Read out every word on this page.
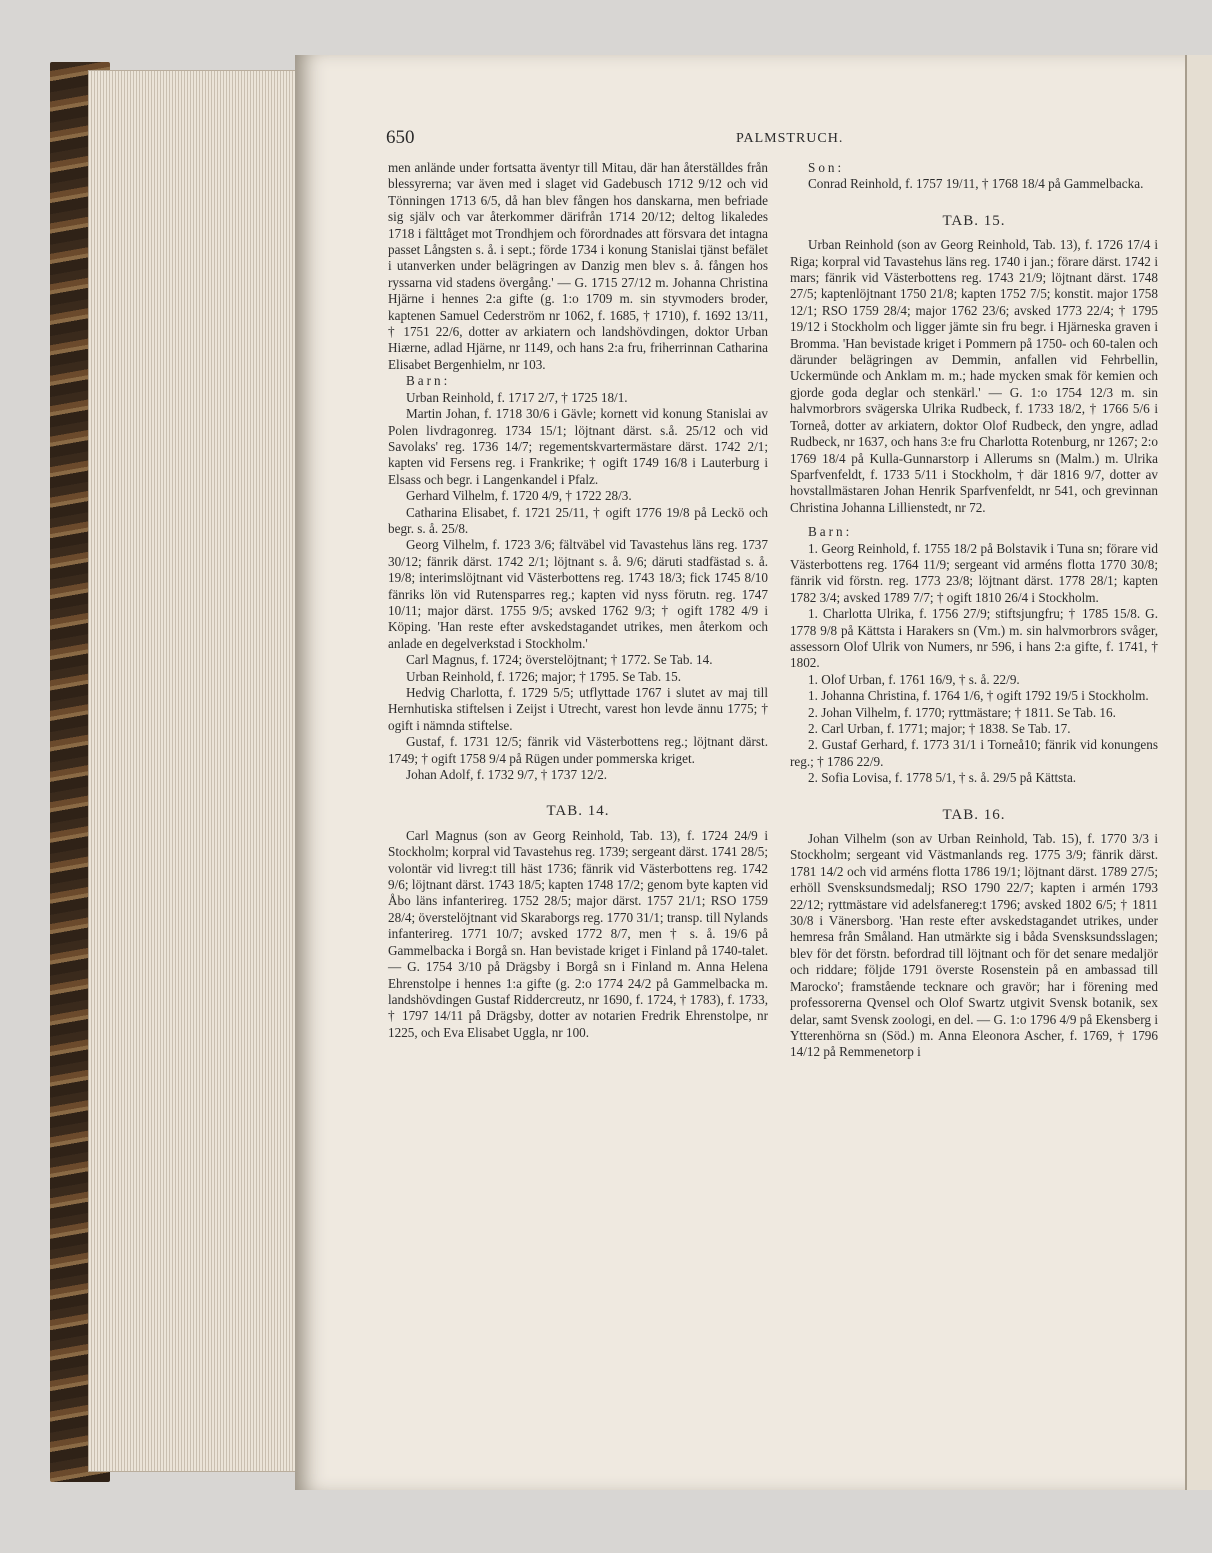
650	PALMSTRUCH.

men anlände under fortsatta äventyr till Mitau, där han återställdes från blessyrerna; var även med i slaget vid Gadebusch 1712 9/12 och vid Tönningen 1713 6/5, då han blev fången hos danskarna, men befriade sig själv och var återkommer därifrån 1714 20/12; deltog likaledes 1718 i fälttåget mot Trondhjem och förordnades att försvara det intagna passet Långsten s. å. i sept.; förde 1734 i konung Stanislai tjänst befälet i utanverken under belägringen av Danzig men blev s. å. fången hos ryssarna vid stadens övergång.' — G. 1715 27/12 m. Johanna Christina Hjärne i hennes 2:a gifte (g. 1:o 1709 m. sin styvmoders broder, kaptenen Samuel Cederström nr 1062, f. 1685, † 1710), f. 1692 13/11, † 1751 22/6, dotter av arkiatern och landshövdingen, doktor Urban Hiærne, adlad Hjärne, nr 1149, och hans 2:a fru, friherrinnan Catharina Elisabet Bergenhielm, nr 103.

Barn:

Urban Reinhold, f. 1717 2/7, † 1725 18/1.

Martin Johan, f. 1718 30/6 i Gävle; kornett vid konung Stanislai av Polen livdragonreg. 1734 15/1; löjtnant därst. s.å. 25/12 och vid Savolaks' reg. 1736 14/7; regementskvartermästare därst. 1742 2/1; kapten vid Fersens reg. i Frankrike; † ogift 1749 16/8 i Lauterburg i Elsass och begr. i Langenkandel i Pfalz.

Gerhard Vilhelm, f. 1720 4/9, † 1722 28/3.

Catharina Elisabet, f. 1721 25/11, † ogift 1776 19/8 på Leckö och begr. s. å. 25/8.

Georg Vilhelm, f. 1723 3/6; fältväbel vid Tavastehus läns reg. 1737 30/12; fänrik därst. 1742 2/1; löjtnant s. å. 9/6; däruti stadfästad s. å. 19/8; interimslöjtnant vid Västerbottens reg. 1743 18/3; fick 1745 8/10 fänriks lön vid Rutensparres reg.; kapten vid nyss förutn. reg. 1747 10/11; major därst. 1755 9/5; avsked 1762 9/3; † ogift 1782 4/9 i Köping. 'Han reste efter avskedstagandet utrikes, men återkom och anlade en degelverkstad i Stockholm.'

Carl Magnus, f. 1724; överstelöjtnant; † 1772. Se Tab. 14.

Urban Reinhold, f. 1726; major; † 1795. Se Tab. 15.

Hedvig Charlotta, f. 1729 5/5; utflyttade 1767 i slutet av maj till Hernhutiska stiftelsen i Zeijst i Utrecht, varest hon levde ännu 1775; † ogift i nämnda stiftelse.

Gustaf, f. 1731 12/5; fänrik vid Västerbottens reg.; löjtnant därst. 1749; † ogift 1758 9/4 på Rügen under pommerska kriget.

Johan Adolf, f. 1732 9/7, † 1737 12/2.

TAB. 14.

Carl Magnus (son av Georg Reinhold, Tab. 13), f. 1724 24/9 i Stockholm; korpral vid Tavastehus reg. 1739; sergeant därst. 1741 28/5; volontär vid livreg:t till häst 1736; fänrik vid Västerbottens reg. 1742 9/6; löjtnant därst. 1743 18/5; kapten 1748 17/2; genom byte kapten vid Åbo läns infanterireg. 1752 28/5; major därst. 1757 21/1; RSO 1759 28/4; överstelöjtnant vid Skaraborgs reg. 1770 31/1; transp. till Nylands infanterireg. 1771 10/7; avsked 1772 8/7, men † s. å. 19/6 på Gammelbacka i Borgå sn. Han bevistade kriget i Finland på 1740-talet. — G. 1754 3/10 på Drägsby i Borgå sn i Finland m. Anna Helena Ehrenstolpe i hennes 1:a gifte (g. 2:o 1774 24/2 på Gammelbacka m. landshövdingen Gustaf Riddercreutz, nr 1690, f. 1724, † 1783), f. 1733, † 1797 14/11 på Drägsby, dotter av notarien Fredrik Ehrenstolpe, nr 1225, och Eva Elisabet Uggla, nr 100.

Son:

Conrad Reinhold, f. 1757 19/11, † 1768 18/4 på Gammelbacka.

TAB. 15.

Urban Reinhold (son av Georg Reinhold, Tab. 13), f. 1726 17/4 i Riga; korpral vid Tavastehus läns reg. 1740 i jan.; förare därst. 1742 i mars; fänrik vid Västerbottens reg. 1743 21/9; löjtnant därst. 1748 27/5; kaptenlöjtnant 1750 21/8; kapten 1752 7/5; konstit. major 1758 12/1; RSO 1759 28/4; major 1762 23/6; avsked 1773 22/4; † 1795 19/12 i Stockholm och ligger jämte sin fru begr. i Hjärneska graven i Bromma. 'Han bevistade kriget i Pommern på 1750- och 60-talen och därunder belägringen av Demmin, anfallen vid Fehrbellin, Uckermünde och Anklam m. m.; hade mycken smak för kemien och gjorde goda deglar och stenkärl.' — G. 1:o 1754 12/3 m. sin halvmorbrors svägerska Ulrika Rudbeck, f. 1733 18/2, † 1766 5/6 i Torneå, dotter av arkiatern, doktor Olof Rudbeck, den yngre, adlad Rudbeck, nr 1637, och hans 3:e fru Charlotta Rotenburg, nr 1267; 2:o 1769 18/4 på Kulla-Gunnarstorp i Allerums sn (Malm.) m. Ulrika Sparfvenfeldt, f. 1733 5/11 i Stockholm, † där 1816 9/7, dotter av hovstallmästaren Johan Henrik Sparfvenfeldt, nr 541, och grevinnan Christina Johanna Lillienstedt, nr 72.

Barn:

1. Georg Reinhold, f. 1755 18/2 på Bolstavik i Tuna sn; förare vid Västerbottens reg. 1764 11/9; sergeant vid arméns flotta 1770 30/8; fänrik vid förstn. reg. 1773 23/8; löjtnant därst. 1778 28/1; kapten 1782 3/4; avsked 1789 7/7; † ogift 1810 26/4 i Stockholm.

1. Charlotta Ulrika, f. 1756 27/9; stiftsjungfru; † 1785 15/8. G. 1778 9/8 på Kättsta i Harakers sn (Vm.) m. sin halvmorbrors svåger, assessorn Olof Ulrik von Numers, nr 596, i hans 2:a gifte, f. 1741, † 1802.

1. Olof Urban, f. 1761 16/9, † s. å. 22/9.

1. Johanna Christina, f. 1764 1/6, † ogift 1792 19/5 i Stockholm.

2. Johan Vilhelm, f. 1770; ryttmästare; † 1811. Se Tab. 16.

2. Carl Urban, f. 1771; major; † 1838. Se Tab. 17.

2. Gustaf Gerhard, f. 1773 31/1 i Torneå10; fänrik vid konungens reg.; † 1786 22/9.

2. Sofia Lovisa, f. 1778 5/1, † s. å. 29/5 på Kättsta.

TAB. 16.

Johan Vilhelm (son av Urban Reinhold, Tab. 15), f. 1770 3/3 i Stockholm; sergeant vid Västmanlands reg. 1775 3/9; fänrik därst. 1781 14/2 och vid arméns flotta 1786 19/1; löjtnant därst. 1789 27/5; erhöll Svensksundsmedalj; RSO 1790 22/7; kapten i armén 1793 22/12; ryttmästare vid adelsfanereg:t 1796; avsked 1802 6/5; † 1811 30/8 i Vänersborg. 'Han reste efter avskedstagandet utrikes, under hemresa från Småland. Han utmärkte sig i båda Svensksundsslagen; blev för det förstn. befordrad till löjtnant och för det senare medaljör och riddare; följde 1791 överste Rosenstein på en ambassad till Marocko'; framstående tecknare och gravör; har i förening med professorerna Qvensel och Olof Swartz utgivit Svensk botanik, sex delar, samt Svensk zoologi, en del. — G. 1:o 1796 4/9 på Ekensberg i Ytterenhörna sn (Söd.) m. Anna Eleonora Ascher, f. 1769, † 1796 14/12 på Remmenetorp i
